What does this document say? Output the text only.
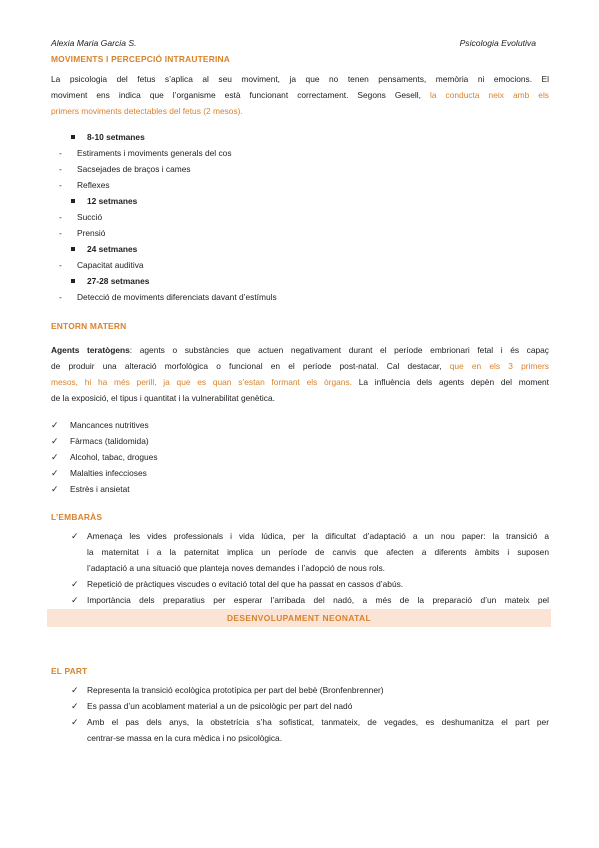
Alexia Maria Garcia S.	Psicologia Evolutiva
MOVIMENTS I PERCEPCIÓ INTRAUTERINA
La psicologia del fetus s’aplica al seu moviment, ja que no tenen pensaments, memòria ni emocions. El
moviment ens indica que l’organisme està funcionant correctament. Segons Gesell, la conducta neix amb els
primers moviments detectables del fetus (2 mesos).
8-10 setmanes
- Estiraments i moviments generals del cos
- Sacsejades de braços i cames
- Reflexes
12 setmanes
- Succió
- Prensió
24 setmanes
- Capacitat auditiva
27-28 setmanes
- Detecció de moviments diferenciats davant d’estímuls
ENTORN MATERN
Agents teratògens: agents o substàncies que actuen negativament durant el període embrionari fetal i és capaç
de produir una alteració morfològica o funcional en el període post-natal. Cal destacar, que en els 3 primers
mesos, hi ha més perill, ja que es quan s’estan formant els òrgans. La influència dels agents depèn del moment
de la exposició, el tipus i quantitat i la vulnerabilitat genètica.
✓ Mancances nutritives
✓ Fàrmacs (talidomida)
✓ Alcohol, tabac, drogues
✓ Malalties infeccioses
✓ Estrès i ansietat
L’EMBARÀS
✓ Amenaça les vides professionals i vida lúdica, per la dificultat d’adaptació a un nou paper: la transició a
la maternitat i a la paternitat implica un període de canvis que afecten a diferents àmbits i suposen
l’adaptació a una situació que planteja noves demandes i l’adopció de nous rols.
✓ Repetició de pràctiques viscudes o evitació total del que ha passat en cassos d’abús.
✓ Importància dels preparatius per esperar l’arribada del nadó, a més de la preparació d’un mateix pel
DESENVOLUPAMENT NEONATAL
EL PART
✓ Representa la transició ecològica prototípica per part del bebè (Bronfenbrenner)
✓ Es passa d’un acoblament material a un de psicològic per part del nadó
✓ Amb el pas dels anys, la obstetrícia s’ha sofisticat, tanmateix, de vegades, es deshumanitza el part per
centrar-se massa en la cura mèdica i no psicològica.
